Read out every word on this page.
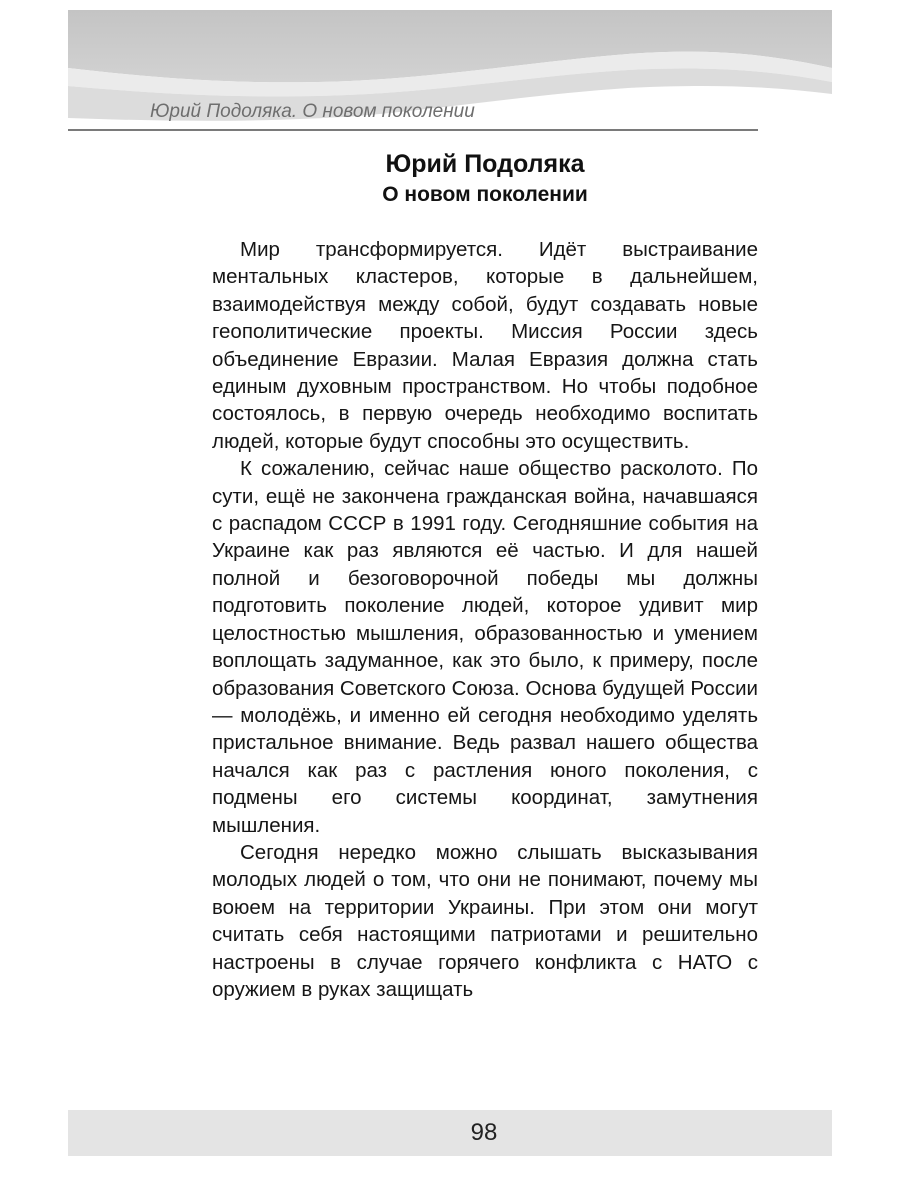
Юрий Подоляка. О новом поколении
Юрий Подоляка
О новом поколении

Мир трансформируется. Идёт выстраивание ментальных кластеров, которые в дальнейшем, взаимодействуя между собой, будут создавать новые геополитические проекты. Миссия России здесь объединение Евразии. Малая Евразия должна стать единым духовным пространством. Но чтобы подобное состоялось, в первую очередь необходимо воспитать людей, которые будут способны это осуществить.

К сожалению, сейчас наше общество расколото. По сути, ещё не закончена гражданская война, начавшаяся с распадом СССР в 1991 году. Сегодняшние события на Украине как раз являются её частью. И для нашей полной и безоговорочной победы мы должны подготовить поколение людей, которое удивит мир целостностью мышления, образованностью и умением воплощать задуманное, как это было, к примеру, после образования Советского Союза. Основа будущей России — молодёжь, и именно ей сегодня необходимо уделять пристальное внимание. Ведь развал нашего общества начался как раз с растления юного поколения, с подмены его системы координат, замутнения мышления.

Сегодня нередко можно слышать высказывания молодых людей о том, что они не понимают, почему мы воюем на территории Украины. При этом они могут считать себя настоящими патриотами и решительно настроены в случае горячего конфликта с НАТО с оружием в руках защищать

98
